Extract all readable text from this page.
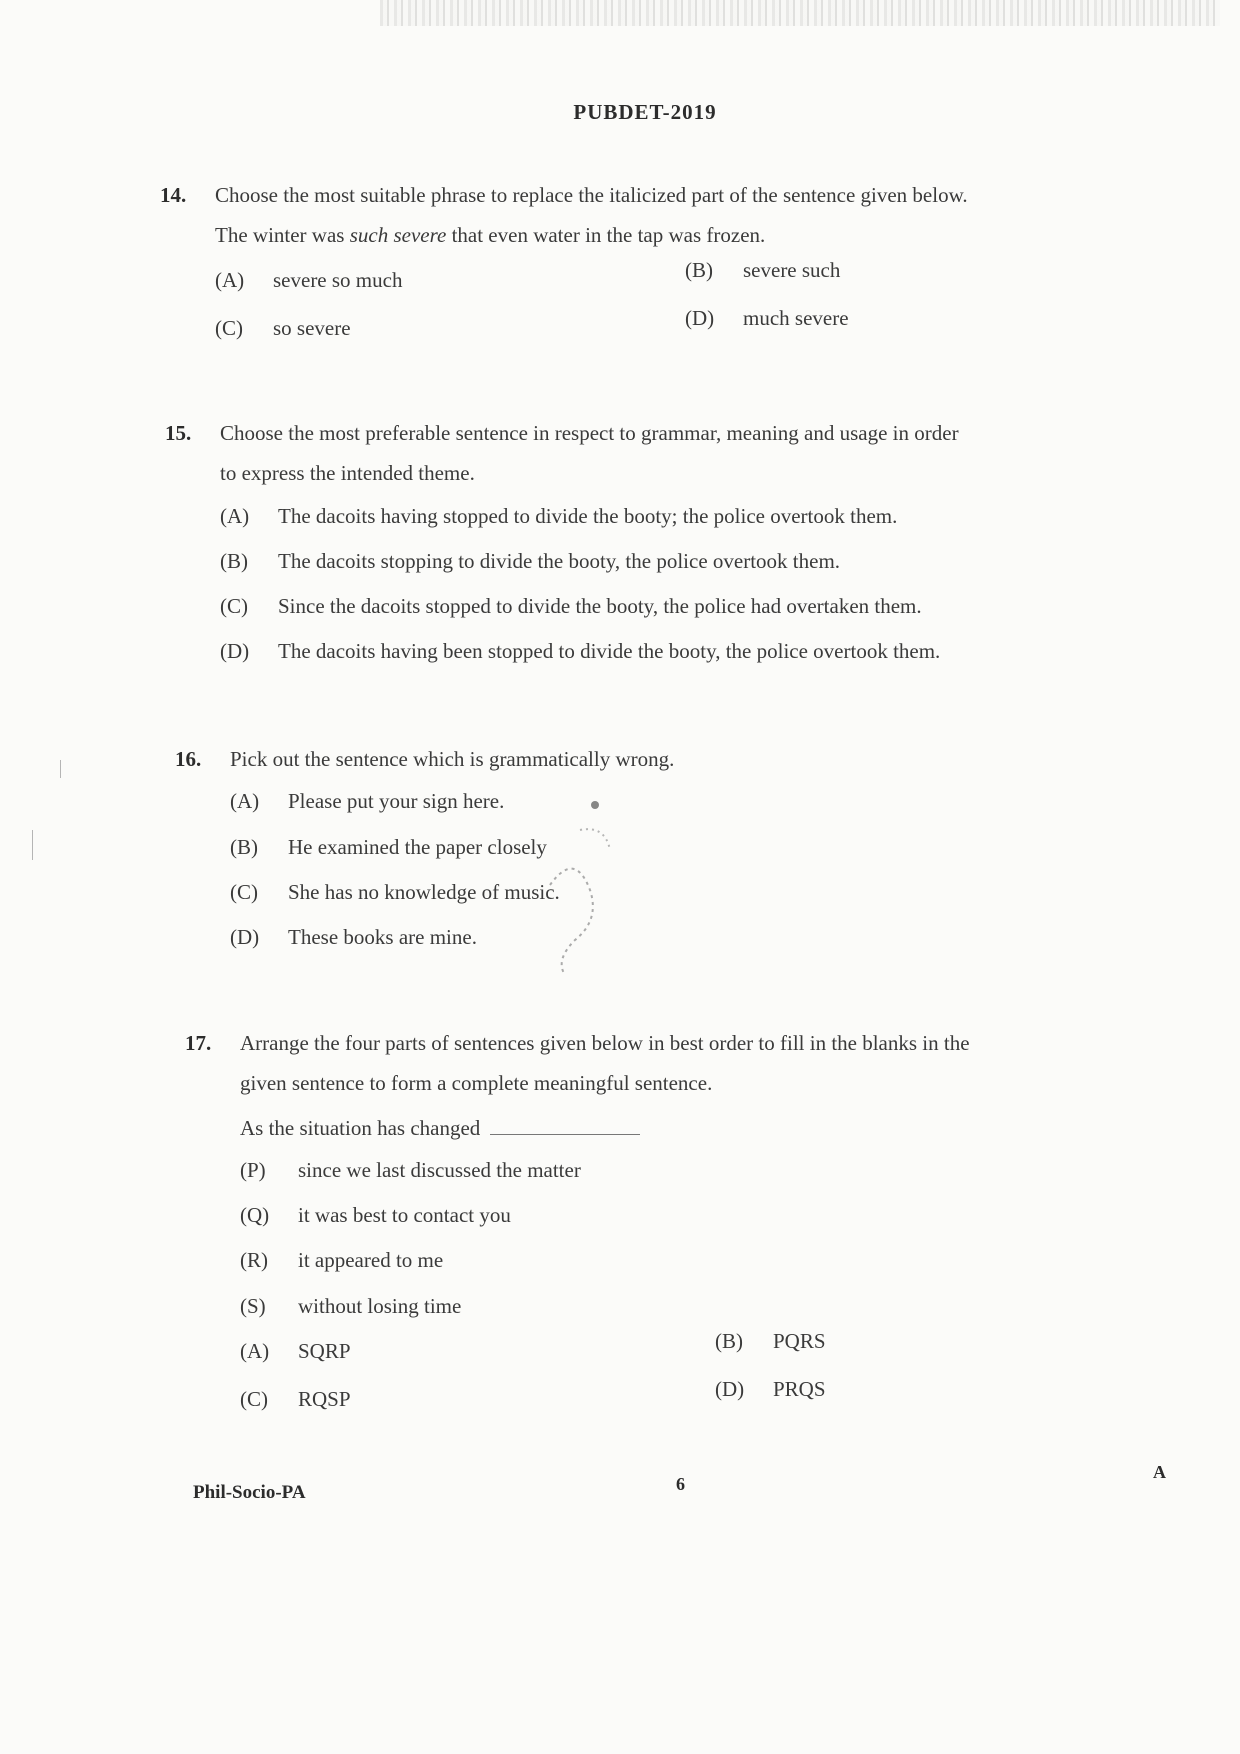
PUBDET-2019
14. Choose the most suitable phrase to replace the italicized part of the sentence given below.
The winter was such severe that even water in the tap was frozen.
(A) severe so much	(B) severe such
(C) so severe	(D) much severe
15. Choose the most preferable sentence in respect to grammar, meaning and usage in order
to express the intended theme.
(A) The dacoits having stopped to divide the booty; the police overtook them.
(B) The dacoits stopping to divide the booty, the police overtook them.
(C) Since the dacoits stopped to divide the booty, the police had overtaken them.
(D) The dacoits having been stopped to divide the booty, the police overtook them.
16. Pick out the sentence which is grammatically wrong.
(A) Please put your sign here.
(B) He examined the paper closely
(C) She has no knowledge of music.
(D) These books are mine.
17. Arrange the four parts of sentences given below in best order to fill in the blanks in the
given sentence to form a complete meaningful sentence.
As the situation has changed
(P) since we last discussed the matter
(Q) it was best to contact you
(R) it appeared to me
(S) without losing time
(A) SQRP	(B) PQRS
(C) RQSP	(D) PRQS
Phil-Socio-PA	6
A
